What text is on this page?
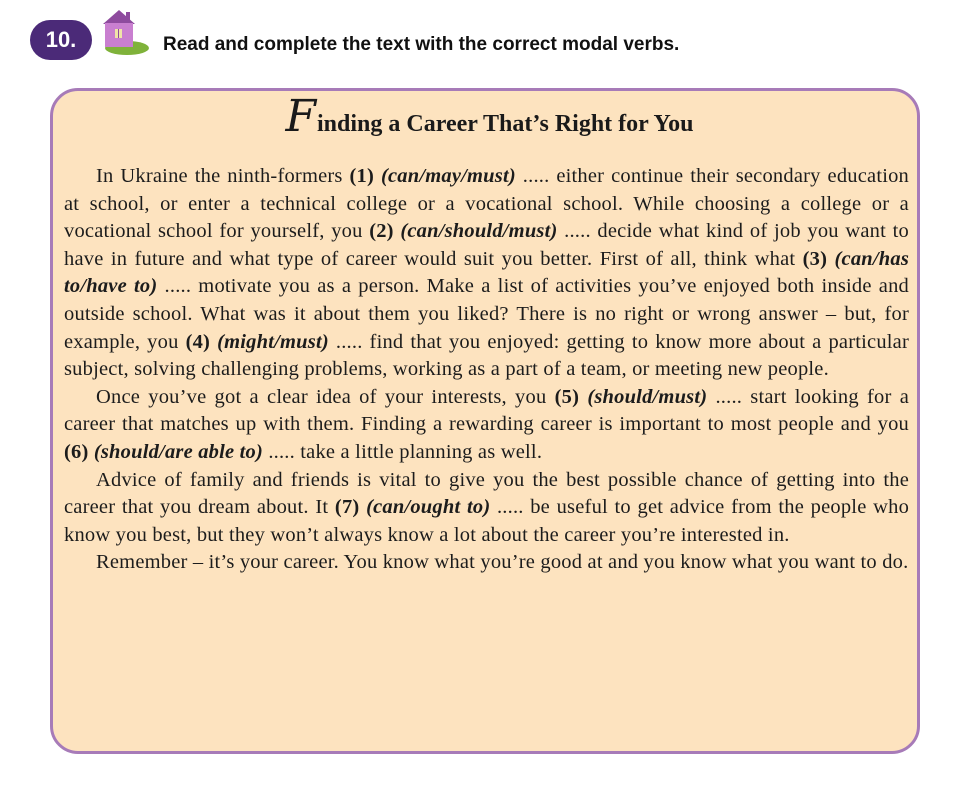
10.	Read and complete the text with the correct modal verbs.
Finding a Career That’s Right for You

In Ukraine the ninth-formers (1) (can/may/must) ..... either continue their secondary education at school, or enter a technical college or a vocational school. While choosing a college or a vocational school for yourself, you (2) (can/should/must) ..... decide what kind of job you want to have in future and what type of career would suit you better. First of all, think what (3) (can/has to/have to) ..... motivate you as a person. Make a list of activities you’ve enjoyed both inside and outside school. What was it about them you liked? There is no right or wrong answer – but, for example, you (4) (might/must) ..... find that you enjoyed: getting to know more about a particular subject, solving challenging problems, working as a part of a team, or meeting new people.

Once you’ve got a clear idea of your interests, you (5) (should/must) ..... start looking for a career that matches up with them. Finding a rewarding career is important to most people and you (6) (should/are able to) ..... take a little planning as well.

Advice of family and friends is vital to give you the best possible chance of getting into the career that you dream about. It (7) (can/ought to) ..... be useful to get advice from the people who know you best, but they won’t always know a lot about the career you’re interested in.

Remember – it’s your career. You know what you’re good at and you know what you want to do.
